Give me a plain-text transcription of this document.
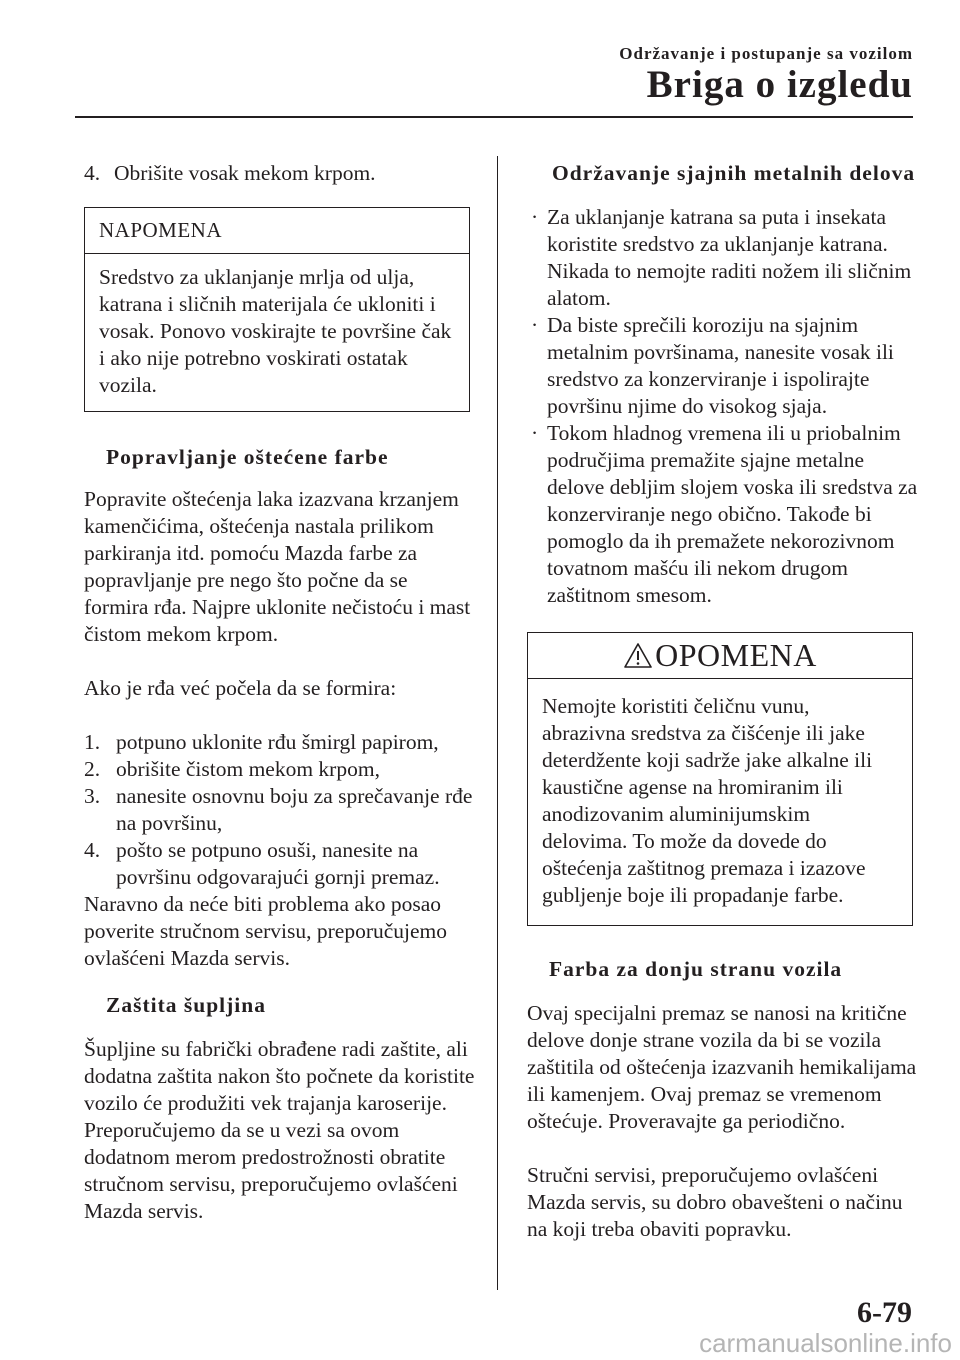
Održavanje i postupanje sa vozilom
Briga o izgledu
4. Obrišite vosak mekom krpom.
NAPOMENA
Sredstvo za uklanjanje mrlja od ulja, katrana i sličnih materijala će ukloniti i vosak. Ponovo voskirajte te površine čak i ako nije potrebno voskirati ostatak vozila.

Popravljanje oštećene farbe

Popravite oštećenja laka izazvana krzanjem kamenčićima, oštećenja nastala prilikom parkiranja itd. pomoću Mazda farbe za popravljanje pre nego što počne da se formira rđa. Najpre uklonite nečistoću i mast čistom mekom krpom.

Ako je rđa već počela da se formira:

1. potpuno uklonite rđu šmirgl papirom,
2. obrišite čistom mekom krpom,
3. nanesite osnovnu boju za sprečavanje rđe na površinu,
4. pošto se potpuno osuši, nanesite na površinu odgovarajući gornji premaz.

Naravno da neće biti problema ako posao poverite stručnom servisu, preporučujemo ovlašćeni Mazda servis.

Zaštita šupljina

Šupljine su fabrički obrađene radi zaštite, ali dodatna zaštita nakon što počnete da koristite vozilo će produžiti vek trajanja karoserije.

Preporučujemo da se u vezi sa ovom dodatnom merom predostrožnosti obratite stručnom servisu, preporučujemo ovlašćeni Mazda servis.

Održavanje sjajnih metalnih delova

· Za uklanjanje katrana sa puta i insekata koristite sredstvo za uklanjanje katrana. Nikada to nemojte raditi nožem ili sličnim alatom.
· Da biste sprečili koroziju na sjajnim metalnim površinama, nanesite vosak ili sredstvo za konzerviranje i ispolirajte površinu njime do visokog sjaja.
· Tokom hladnog vremena ili u priobalnim područjima premažite sjajne metalne delove debljim slojem voska ili sredstva za konzerviranje nego obično. Takođe bi pomoglo da ih premažete nekorozivnom tovatnom mašću ili nekom drugom zaštitnom smesom.
OPOMENA
Nemojte koristiti čeličnu vunu, abrazivna sredstva za čišćenje ili jake deterdžente koji sadrže jake alkalne ili kaustične agense na hromiranim ili anodizovanim aluminijumskim delovima. To može da dovede do oštećenja zaštitnog premaza i izazove gubljenje boje ili propadanje farbe.

Farba za donju stranu vozila

Ovaj specijalni premaz se nanosi na kritične delove donje strane vozila da bi se vozila zaštitila od oštećenja izazvanih hemikalijama ili kamenjem. Ovaj premaz se vremenom oštećuje. Proveravajte ga periodično.

Stručni servisi, preporučujemo ovlašćeni Mazda servis, su dobro obavešteni o načinu na koji treba obaviti popravku.

6-79
carmanualsonline.info
